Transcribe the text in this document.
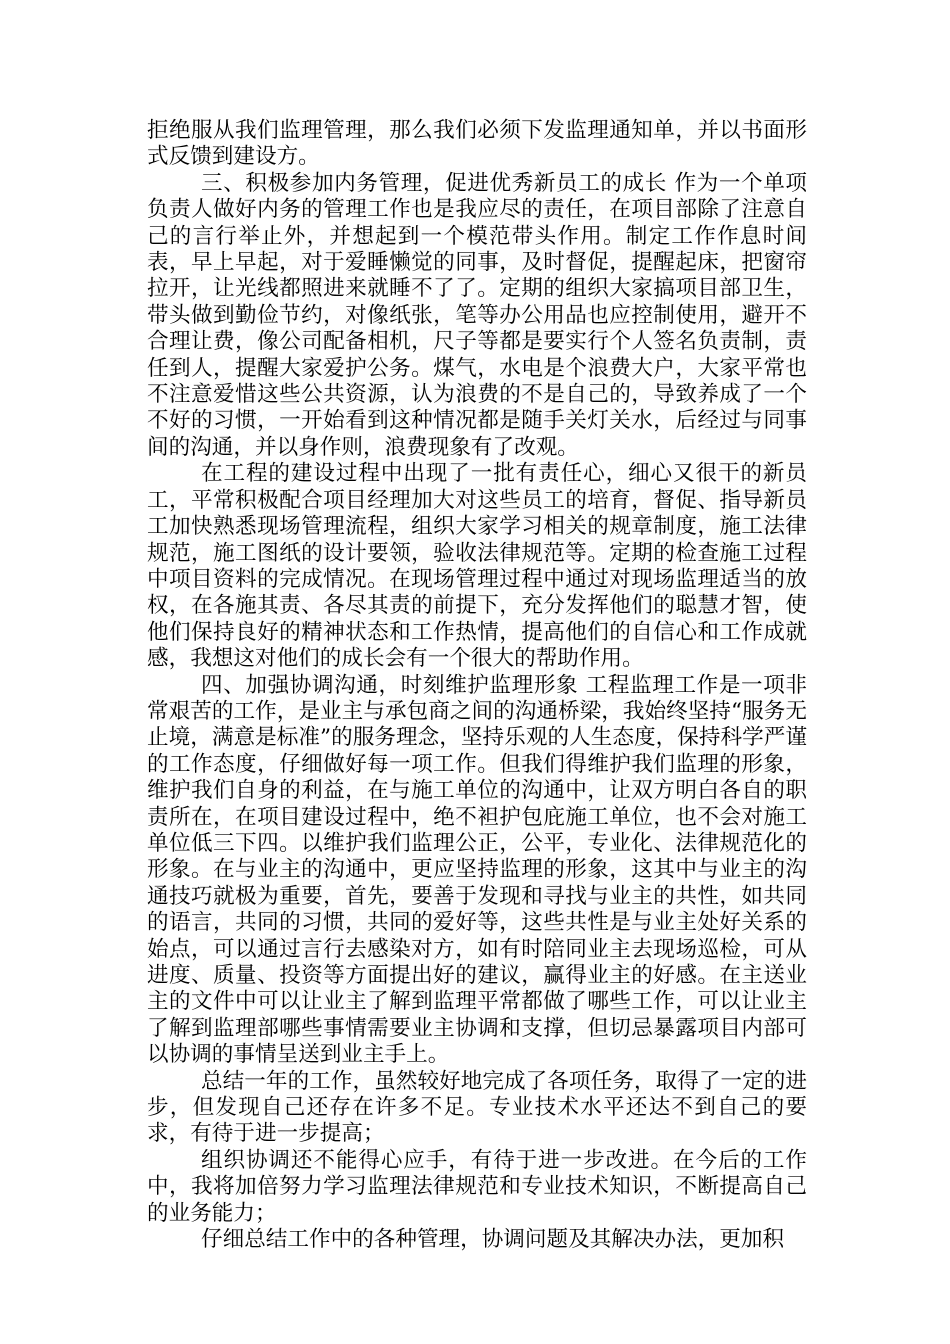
拒绝服从我们监理管理，那么我们必须下发监理通知单，并以书面形式反馈到建设方。

三、积极参加内务管理，促进优秀新员工的成长 作为一个单项负责人做好内务的管理工作也是我应尽的责任，在项目部除了注意自己的言行举止外，并想起到一个模范带头作用。制定工作作息时间表，早上早起，对于爱睡懒觉的同事，及时督促，提醒起床，把窗帘拉开，让光线都照进来就睡不了了。定期的组织大家搞项目部卫生，带头做到勤俭节约，对像纸张，笔等办公用品也应控制使用，避开不合理让费，像公司配备相机，尺子等都是要实行个人签名负责制，责任到人，提醒大家爱护公务。煤气，水电是个浪费大户，大家平常也不注意爱惜这些公共资源，认为浪费的不是自己的，导致养成了一个不好的习惯，一开始看到这种情况都是随手关灯关水，后经过与同事间的沟通，并以身作则，浪费现象有了改观。

在工程的建设过程中出现了一批有责任心，细心又很干的新员工，平常积极配合项目经理加大对这些员工的培育，督促、指导新员工加快熟悉现场管理流程，组织大家学习相关的规章制度，施工法律规范，施工图纸的设计要领，验收法律规范等。定期的检查施工过程中项目资料的完成情况。在现场管理过程中通过对现场监理适当的放权，在各施其责、各尽其责的前提下，充分发挥他们的聪慧才智，使他们保持良好的精神状态和工作热情，提高他们的自信心和工作成就感，我想这对他们的成长会有一个很大的帮助作用。

四、加强协调沟通，时刻维护监理形象 工程监理工作是一项非常艰苦的工作，是业主与承包商之间的沟通桥梁，我始终坚持“服务无止境，满意是标准”的服务理念，坚持乐观的人生态度，保持科学严谨的工作态度，仔细做好每一项工作。但我们得维护我们监理的形象，维护我们自身的利益，在与施工单位的沟通中，让双方明白各自的职责所在，在项目建设过程中，绝不袒护包庇施工单位，也不会对施工单位低三下四。以维护我们监理公正，公平，专业化、法律规范化的形象。在与业主的沟通中，更应坚持监理的形象，这其中与业主的沟通技巧就极为重要，首先，要善于发现和寻找与业主的共性，如共同的语言，共同的习惯，共同的爱好等，这些共性是与业主处好关系的始点，可以通过言行去感染对方，如有时陪同业主去现场巡检，可从进度、质量、投资等方面提出好的建议，赢得业主的好感。在主送业主的文件中可以让业主了解到监理平常都做了哪些工作，可以让业主了解到监理部哪些事情需要业主协调和支撑，但切忌暴露项目内部可以协调的事情呈送到业主手上。

总结一年的工作，虽然较好地完成了各项任务，取得了一定的进步，但发现自己还存在许多不足。专业技术水平还达不到自己的要求，有待于进一步提高；

组织协调还不能得心应手，有待于进一步改进。在今后的工作中，我将加倍努力学习监理法律规范和专业技术知识，不断提高自己的业务能力；

仔细总结工作中的各种管理，协调问题及其解决办法，更加积
